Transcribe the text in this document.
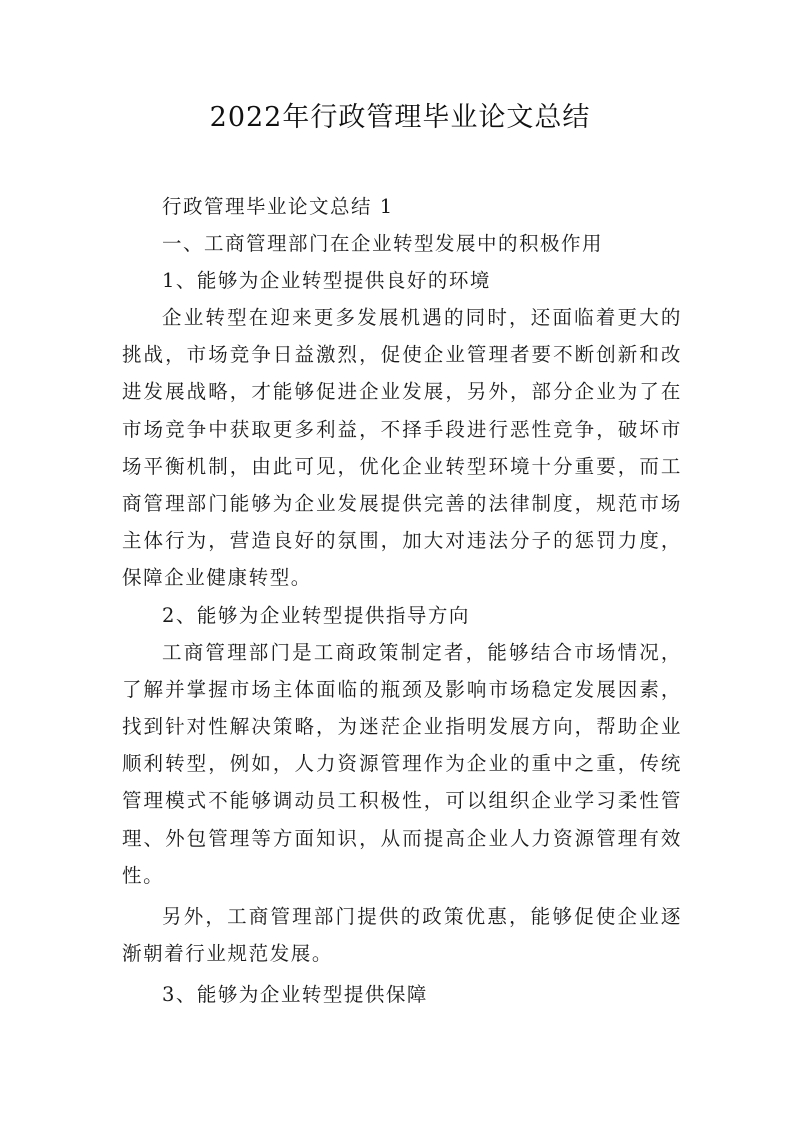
2022年行政管理毕业论文总结

行政管理毕业论文总结 1

一、工商管理部门在企业转型发展中的积极作用

1、能够为企业转型提供良好的环境

企业转型在迎来更多发展机遇的同时，还面临着更大的挑战，市场竞争日益激烈，促使企业管理者要不断创新和改进发展战略，才能够促进企业发展，另外，部分企业为了在市场竞争中获取更多利益，不择手段进行恶性竞争，破坏市场平衡机制，由此可见，优化企业转型环境十分重要，而工商管理部门能够为企业发展提供完善的法律制度，规范市场主体行为，营造良好的氛围，加大对违法分子的惩罚力度，保障企业健康转型。

2、能够为企业转型提供指导方向

工商管理部门是工商政策制定者，能够结合市场情况，了解并掌握市场主体面临的瓶颈及影响市场稳定发展因素，找到针对性解决策略，为迷茫企业指明发展方向，帮助企业顺利转型，例如，人力资源管理作为企业的重中之重，传统管理模式不能够调动员工积极性，可以组织企业学习柔性管理、外包管理等方面知识，从而提高企业人力资源管理有效性。

另外，工商管理部门提供的政策优惠，能够促使企业逐渐朝着行业规范发展。

3、能够为企业转型提供保障
